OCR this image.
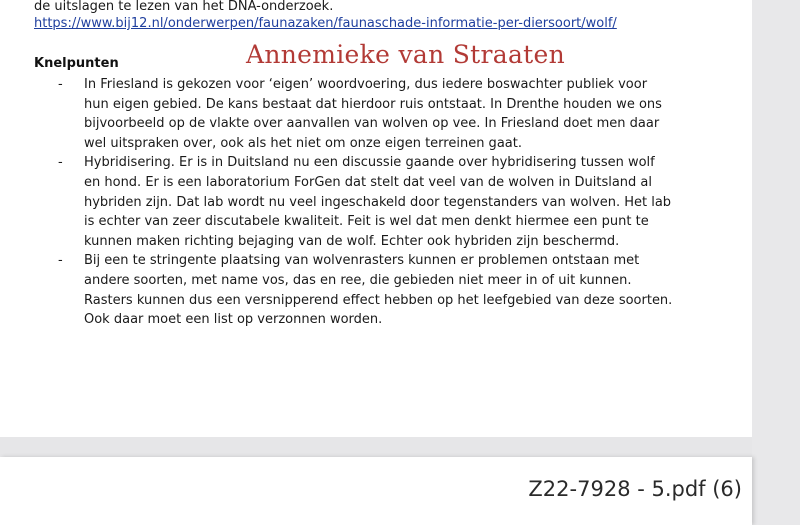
de uitslagen te lezen van het DNA-onderzoek.

https://www.bij12.nl/onderwerpen/faunazaken/faunaschade-informatie-per-diersoort/wolf/
Knelpunten	Annemieke van Straaten
- In Friesland is gekozen voor ‘eigen’ woordvoering, dus iedere boswachter publiek voor hun eigen gebied. De kans bestaat dat hierdoor ruis ontstaat. In Drenthe houden we ons bijvoorbeeld op de vlakte over aanvallen van wolven op vee. In Friesland doet men daar wel uitspraken over, ook als het niet om onze eigen terreinen gaat.
- Hybridisering. Er is in Duitsland nu een discussie gaande over hybridisering tussen wolf en hond. Er is een laboratorium ForGen dat stelt dat veel van de wolven in Duitsland al hybriden zijn. Dat lab wordt nu veel ingeschakeld door tegenstanders van wolven. Het lab is echter van zeer discutabele kwaliteit. Feit is wel dat men denkt hiermee een punt te kunnen maken richting bejaging van de wolf. Echter ook hybriden zijn beschermd.
- Bij een te stringente plaatsing van wolvenrasters kunnen er problemen ontstaan met andere soorten, met name vos, das en ree, die gebieden niet meer in of uit kunnen. Rasters kunnen dus een versnipperend effect hebben op het leefgebied van deze soorten. Ook daar moet een list op verzonnen worden.
Z22-7928 - 5.pdf (6)
